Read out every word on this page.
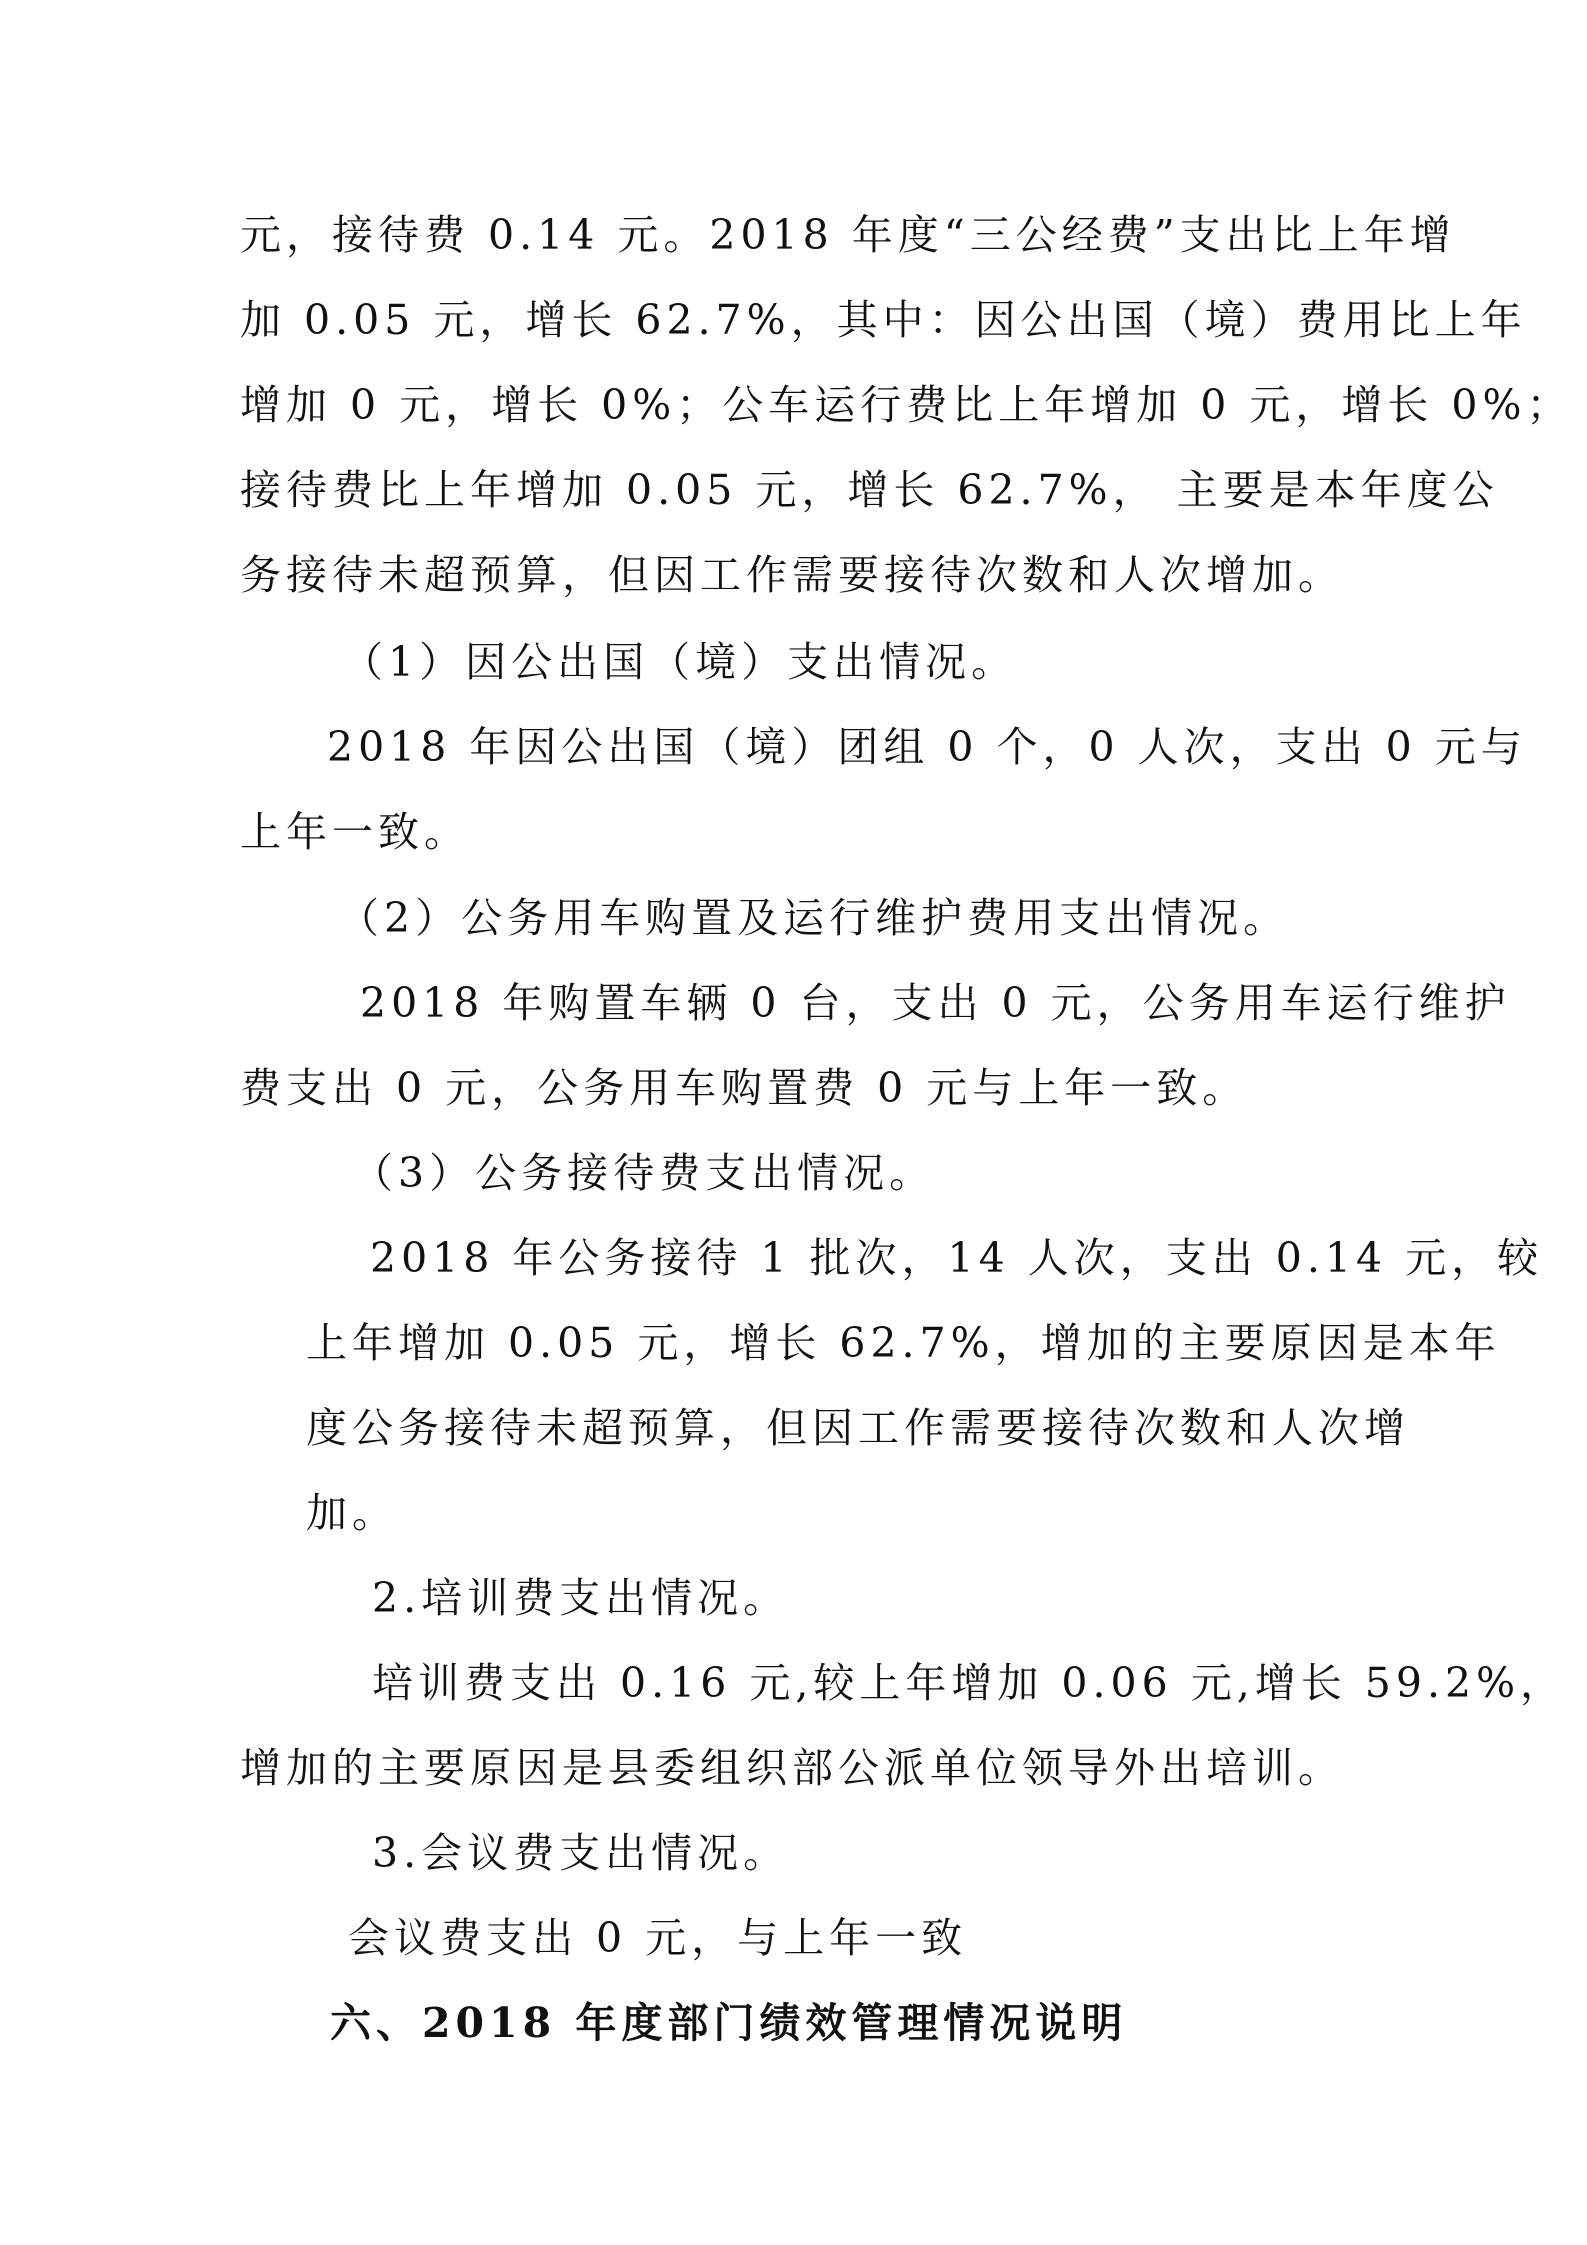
元，接待费 0.14 元。2018 年度“三公经费”支出比上年增
加 0.05 元，增长 62.7%，其中：因公出国（境）费用比上年
增加 0 元，增长 0%；公车运行费比上年增加 0 元，增长 0%；
接待费比上年增加 0.05 元，增长 62.7%， 主要是本年度公
务接待未超预算，但因工作需要接待次数和人次增加。
（1）因公出国（境）支出情况。
2018 年因公出国（境）团组 0 个，0 人次，支出 0 元与
上年一致。
（2）公务用车购置及运行维护费用支出情况。
2018 年购置车辆 0 台，支出 0 元，公务用车运行维护
费支出 0 元，公务用车购置费 0 元与上年一致。
（3）公务接待费支出情况。
2018 年公务接待 1 批次，14 人次，支出 0.14 元，较
上年增加 0.05 元，增长 62.7%，增加的主要原因是本年
度公务接待未超预算，但因工作需要接待次数和人次增
加。
2.培训费支出情况。
培训费支出 0.16 元,较上年增加 0.06 元,增长 59.2%，
增加的主要原因是县委组织部公派单位领导外出培训。
3.会议费支出情况。
会议费支出 0 元，与上年一致
六、2018 年度部门绩效管理情况说明
